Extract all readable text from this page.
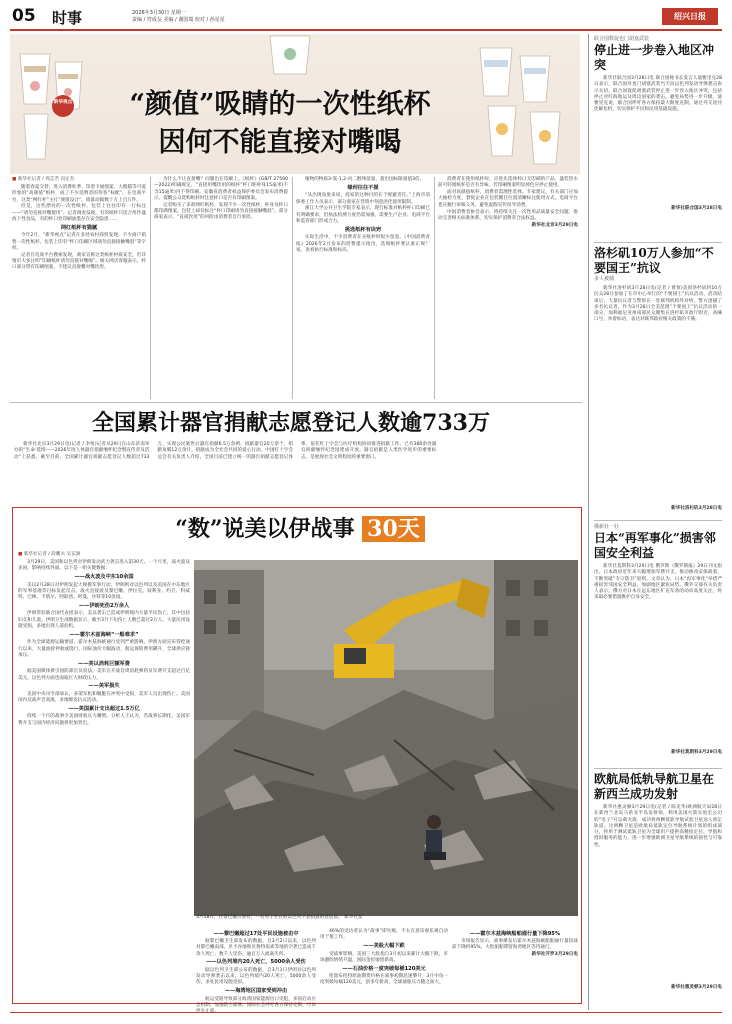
05 时事	2026年3月30日 星期一
责编 / 符成友 美编 / 谢国瑞 校对 / 孙星星	绍兴日报
新华视点	“颜值”吸睛的一次性纸杯
因何不能直接对嘴喝
■ 新华社记者 / 周芷若 向定杰

随着春夏交替，进入消费旺季，印着卡通图案、大熊猫等可爱形象的“高颜值”纸杯，成了不少消费者的待客“标配”。在电商平台，这类“网红杯”主打“颜值设计”，销量动辄数十万上百万件。

但是，这些漂亮的一次性纸杯，包装上往往印有一行标注——“请勿直接对嘴使用”。记者调查发现，有的纸杯只适合用作盛放干性食品，有的杯口处印刷油墨存在安全隐患……

网红纸杯有猫腻

今年2月，“新华视点”记者在多处农村商贸发现，不少商户销售一次性纸杯，包装上印有“杯口印刷区域请勿直接接触嘴唇”等字样。

记者在电商平台搜索发现，商家宣称这类纸杯材质安全，但详情页大多注明“印刷纸杯请勿直接对嘴喝”。相关网店客服表示，杯口部分带有印刷图案，不建议直接嘴对嘴饮用。

为什么不让直接嘴？问题出在印刷上。《纸杯》(GB/T 27590—2022)明确规定，“直接用嘴饮用的纸杯”杯口距杯身15毫米(不含15毫米)内不得印刷。安徽省消费者权益保护委员会发布消费提示，提醒公众选购纸杯时注意杯口是否有印刷图案。

记者购买了多款网红纸杯，发现不少一次性纸杯，杯身及杯口都印满图案，包装上却仅标注“杯口印刷请勿直接接触嘴唇”。部分商家表示，“直接饮用”的风险由消费者自行承担。

植物的物质3-氯-1,2-丙二醇残留量，超出国标限量值3倍。

缘何往往不提

“从出现角度来说，商家的这种目的在于规避责任。”上海市消保委工作人员表示，部分商家在营销中刻意淡化使用限制。

浙江大学公共卫生学院专家表示，现行标准对纸杯杯口印刷已有明确要求，但执法检测力度仍需加强，需要生产企业、电商平台和监管部门形成合力。

挑选纸杯有诀窍

实际生活中，不少消费者在买纸杯时很少留意。《中国消费者报》2026年2月发布的消费提示指出，选购纸杯要认准正规厂家、查看执行标准和标识。

消费者在使用纸杯时，应优先选择杯口无印刷的产品，盛装热水前可轻闻纸杯是否有异味，若印刷图案明显掉色应停止使用。

面对高颜值纸杯，消费者需理性选择。专家建议，有关部门应加大抽检力度，督促企业在包装醒目位置清晰标注使用方式，电商平台也应履行审核义务，避免虚假宣传误导消费。

中国消费者协会表示，将持续关注一次性用品质量安全问题，推动完善相关标准体系，切实保护消费者合法权益。

新华社北京3月29日电
全国累计器官捐献志愿登记人数逾733万

新华社北京3月29日电(记者 / 李恒)记者从29日在山东济南举办的“生命·延续——2026年度人体器官捐献缅怀纪念暨宣传普及活动”上获悉，截至目前，全国累计器官捐献志愿登记人数超过733万，实现公民逝世后器官捐献6.5万余例，捐献器官20万余个，捐献角膜12万余片。捐献成为全社会共同的爱心行动。中国红十字会总会有关负责人介绍，全国目前已建立统一的器官捐献志愿登记体系，依托红十字会与医疗机构协同推进捐献工作，已有380余处器官捐献缅怀纪念园建成开放。器官捐献是人类医学进步的重要标志，是展现社会文明程度的重要窗口。

“数”说美以伊战事 30天
■ 新华社记者 / 段鹏夫 吴玄澍

3月29日，美国和以色列对伊朗发动武力袭击进入第30天。一个月里，战火波及多国，影响持续外溢。以下是一组关键数据：

——战火波及中东10余国

美以2月28日对伊朗发起大规模军事行动，伊朗则对以色列以及美国在中东地区的军事基地等目标发起反击。战火直接波及黎巴嫩、伊拉克、叙利亚、约旦、科威特、巴林、卡塔尔、阿联酋、阿曼、沙特等10余国。

——伊朗死伤2万余人

伊朗常驻联合国代表团表示，美以袭击已造成伊朗境内大量平民伤亡，其中包括妇女和儿童。伊朗卫生部数据显示，截至3月下旬伤亡人数已超过2万人，大量民用设施受损，多地出现人道危机。

——霍尔木兹海峡“一船难求”

作为全球能源运输要道，霍尔木兹海峡通行受到严重影响。伊朗方面宣布管控通行以来，大量油轮停航或绕行，国际油价大幅波动，航运保险费用飙升，全球供应链承压。

——美以消耗巨额军费

据美国媒体援引国防部官员说法，美军在开战首周消耗弹药及军费开支超过百亿美元。以色列方面也面临巨大财政压力。

——美军损失

美国中央司令部承认，多架军机和舰艇在冲突中受损，美军人员出现伤亡。美国国内反战声音高涨，多地爆发抗议活动。

——美国累计支出超过1.5万亿

持续一个月的战事令美国财政压力骤增。分析人士认为，若战事长期化，美国军费开支与国内经济问题将更加突出。

3月18日，在黎巴嫩贝鲁特，一名男子坐在被以色列空袭损毁的建筑前。 新华社发
——黎巴嫩超过17处平民设施被击中

据黎巴嫩卫生部发布的数据，自3月2日以来，以色列对黎巴嫩南部、贝卡谷地和贝鲁特南郊等地的空袭已造成千余人死亡、数千人受伤，逾百万人流离失所。

——以色列境内20人死亡，5000余人受伤

据以色列卫生部公布的数据，自3月1日伊朗对以色列发动导弹袭击以来，以色列境内20人死亡，5000余人受伤，多处民用设施受损。

——海湾地区国家受到冲击

航运受阻导致部分海湾国家能源出口受阻，多国启动应急机制，加强防空部署，国际社会呼吁各方保持克制，尽快

46%的受访者认为“战事”即失败，不太在意乐观乐观自动用于推工作。

——美股大幅下跌

受战事影响，美国三大股指自3月初以来累计大幅下跌，市场避险情绪升温，国际金价屡创新高。

——石油价格一度突破每桶120美元

伦敦布伦特原油期货价格在战事初期迅速攀升，3月中旬一度突破每桶120美元，创多年新高，全球通胀压力随之加大。

——霍尔木兹海峡船舶通行量下降95%

市场报告显示，战事爆发后霍尔木兹海峡船舶通行量较战前下降约95%，大批船舶滞留海湾地区等待通行。

新华社开罗3月29日电
联合国数促也门胡塞武装
停止进一步卷入地区冲突

新华社联合国3月28日电 联合国秘书长发言人迪雅里克28日表示，联合国对也门胡塞武装当天向以色列发动导弹袭击表示关切。联合国敦促胡塞武装停止进一步卷入地区冲突，包括停止对红海航运及周边国家的袭击，避免局势进一步升级。迪雅里克说，联合国呼吁各方保持最大限度克制，通过外交途径化解危机，切实保护平民和民用基础设施。

新华社联合国3月28日电
洛杉矶10万人参加“不要国王”抗议
多人被捕

新华社洛杉矶3月28日电(记者 / 黄恒)美国洛杉矶约10万民众28日参加了在市中心举行的“不要国王”抗议活动，活动结束后，大量抗议者与警察在一处联邦机构外对峙，警方逮捕了多名抗议者。作为3月28日全美范围“不要国王”抗议活动的一部分，加利福尼亚州南部民众聚集在洛杉矶市政厅附近，高喊口号，举着标语，表达对联邦政府相关政策的不满。

新华社洛杉矶3月28日电
俄新社一社
日本“再军事化”损害邻国安全利益

新华社莫斯科3月29日电 俄罗斯《俄罗斯报》29日刊文指出，日本政府近年来大幅增加军费开支，推动修改安保政策，不断突破“专守防卫”原则。文章认为，日本“再军事化”举措严重损害邻国安全利益，加剧地区紧张局势。俄外交部有关负责人表示，俄方对日本在远东地区扩充军备的动向高度关注，将采取必要措施维护自身安全。

新华社莫斯科3月29日电
欧航局低轨导航卫星在新西兰成功发射

新华社惠灵顿3月29日电(记者 / 陈龙华)欧洲航天局28日在新西兰北岛马希亚半岛发射场，利用美国火箭实验室公司的“电子”号运载火箭，成功将两颗低轨导航试验卫星送入预定轨道。这两颗卫星是欧航局低轨定位导航系统计划的组成部分，将用于测试低轨卫星为全球用户提供高精度定位、导航和授时服务的能力，进一步增强欧洲卫星导航系统的韧性与可靠性。

新华社惠灵顿3月29日电
